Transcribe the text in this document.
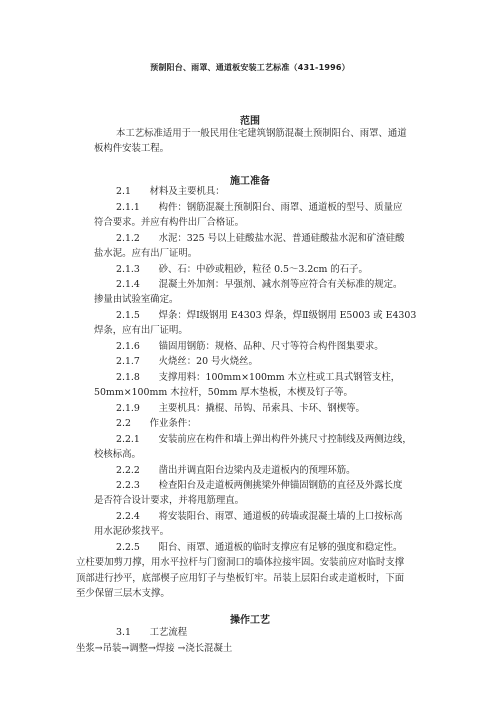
预制阳台、雨罩、通道板安装工艺标准（431-1996）
范围
本工艺标准适用于一般民用住宅建筑钢筋混凝土预制阳台、雨罩、通道
板构件安装工程。
施工准备
2.1　　材料及主要机具：
2.1.1　　构件：钢筋混凝土预制阳台、雨罩、通道板的型号、质量应
符合要求。并应有构件出厂合格证。
2.1.2　　水泥：325 号以上硅酸盐水泥、普通硅酸盐水泥和矿渣硅酸
盐水泥。应有出厂证明。
2.1.3　　砂、石：中砂或粗砂，粒径 0.5～3.2cm 的石子。
2.1.4　　混凝土外加剂：早强剂、减水剂等应符合有关标准的规定。
掺量由试验室确定。
2.1.5　　焊条：焊Ⅰ级钢用 E4303 焊条，焊Ⅱ级钢用 E5003 或 E4303
焊条，应有出厂证明。
2.1.6　　锚固用钢筋：规格、品种、尺寸等符合构件图集要求。
2.1.7　　火烧丝：20 号火烧丝。
2.1.8　　支撑用料：100mm×100mm 木立柱或工具式钢管支柱，
50mm×100mm 木拉杆，50mm 厚木垫板，木楔及钉子等。
2.1.9　　主要机具：撬棍、吊钩、吊索具、卡环、钢楔等。
2.2　　作业条件：
2.2.1　　安装前应在构件和墙上弹出构件外挑尺寸控制线及两侧边线，
校核标高。
2.2.2　　凿出并调直阳台边梁内及走道板内的预埋环筋。
2.2.3　　检查阳台及走道板两侧挑梁外伸锚固钢筋的直径及外露长度
是否符合设计要求，并将甩筋理直。
2.2.4　　将安装阳台、雨罩、通道板的砖墙或混凝土墙的上口按标高
用水泥砂浆找平。
2.2.5　　阳台、雨罩、通道板的临时支撑应有足够的强度和稳定性。
立柱要加剪刀撑，用水平拉杆与门窗洞口的墙体拉接牢固。安装前应对临时支撑
顶部进行抄平，底部楔子应用钉子与垫板钉牢。吊装上层阳台或走道板时，下面
至少保留三层木支撑。
操作工艺
3.1　　工艺流程
坐浆→吊装→调整→焊接 →浇长混凝土
